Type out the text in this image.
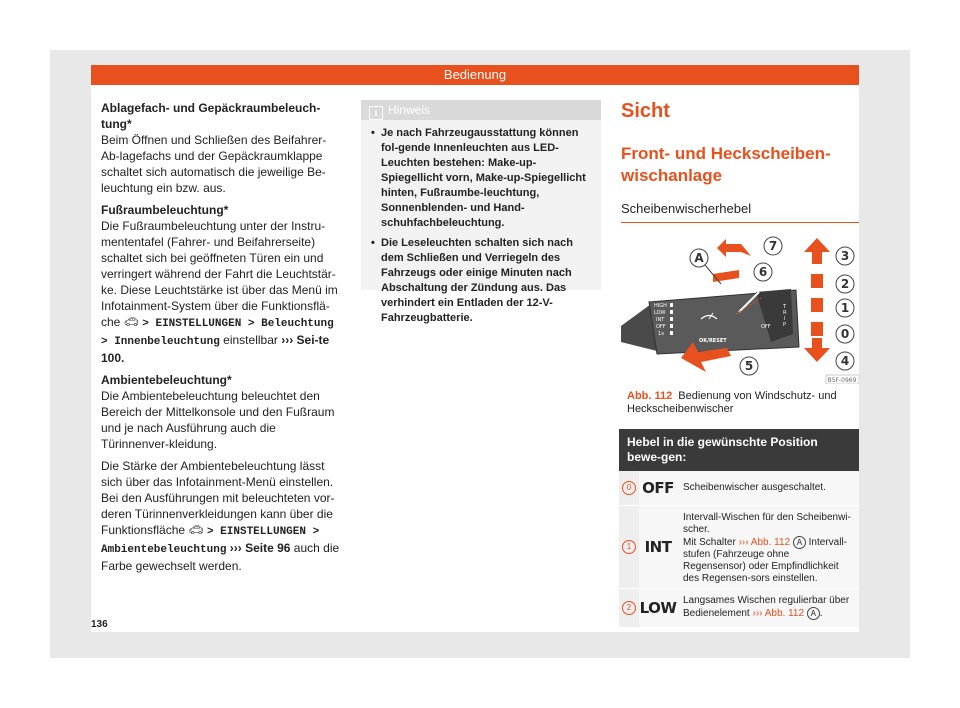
Bedienung

Ablagefach- und Gepäckraumbeleuch-tung*

Beim Öffnen und Schließen des Beifahrer-Ab-lagefachs und der Gepäckraumklappe schaltet sich automatisch die jeweilige Be-leuchtung ein bzw. aus.

Fußraumbeleuchtung*

Die Fußraumbeleuchtung unter der Instru-mententafel (Fahrer- und Beifahrerseite) schaltet sich bei geöffneten Türen ein und verringert während der Fahrt die Leuchtstär-ke. Diese Leuchtstärke ist über das Menü im Infotainment-System über die Funktionsflä-che 🚗︎ > EINSTELLUNGEN > Beleuchtung > Innenbeleuchtung einstellbar ››› Sei-te 100.

Ambientebeleuchtung*

Die Ambientebeleuchtung beleuchtet den Bereich der Mittelkonsole und den Fußraum und je nach Ausführung auch die Türinnenver-kleidung.

Die Stärke der Ambientebeleuchtung lässt sich über das Infotainment-Menü einstellen. Bei den Ausführungen mit beleuchteten vor-deren Türinnenverkleidungen kann über die Funktionsfläche 🚗︎ > EINSTELLUNGEN > Ambientebeleuchtung ››› Seite 96 auch die Farbe gewechselt werden.

i Hinweis
• Je nach Fahrzeugausstattung können fol-gende Innenleuchten aus LED-Leuchten bestehen: Make-up-Spiegellicht vorn, Make-up-Spiegellicht hinten, Fußraumbe-leuchtung, Sonnenblenden- und Hand-schuhfachbeleuchtung.
• Die Leseleuchten schalten sich nach dem Schließen und Verriegeln des Fahrzeugs oder einige Minuten nach Abschaltung der Zündung aus. Das verhindert ein Entladen der 12-V-Fahrzeugbatterie.
Sicht
Front- und Heckscheiben-wischanlage
Scheibenwischerhebel
HIGH
LOW
INT
OFF
1x
T
R
I
P
OK/RESET
OFF
A
7
6
3
2
1
0
4
5
B5F-0969
Abb. 112 Bedienung von Windschutz- und Heckscheibenwischer
Hebel in die gewünschte Position bewe-gen:
0 OFF Scheibenwischer ausgeschaltet.
1 INT
Intervall-Wischen für den Scheibenwi-scher.
Mit Schalter ››› Abb. 112 A Intervall-stufen (Fahrzeuge ohne Regensensor) oder Empfindlichkeit des Regensen-sors einstellen.
2 LOW Langsames Wischen regulierbar über Bedienelement ››› Abb. 112 A .
136
